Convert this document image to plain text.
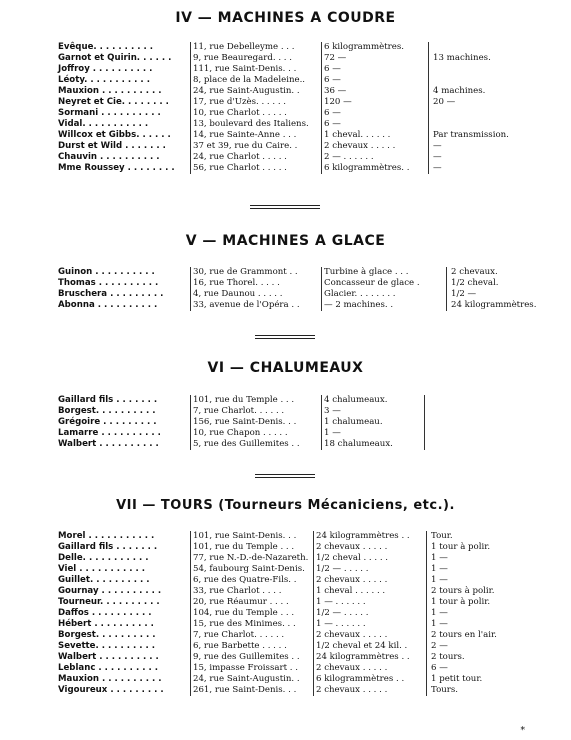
IV — MACHINES A COUDRE
Evêque. . . . . . . . . .	11, rue Debelleyme . . .	6 kilogrammètres.	
Garnot et Quirin. . . . . .	9, rue Beauregard. . . .	72 —	13 machines.
Joffroy . . . . . . . . . .	111, rue Saint-Denis. . .	6 —	
Léoty. . . . . . . . . . .	8, place de la Madeleine..	6 —	
Mauxion . . . . . . . . . .	24, rue Saint-Augustin. .	36 —	4 machines.
Neyret et Cie. . . . . . . .	17, rue d'Uzès. . . . . .	120 —	20 —
Sormani . . . . . . . . . .	10, rue Charlot . . . . .	6 —	
Vidal. . . . . . . . . . .	13, boulevard des Italiens.	6 —	
Willcox et Gibbs. . . . . .	14, rue Sainte-Anne . . .	1 cheval. . . . . .	Par transmission.
Durst et Wild . . . . . . .	37 et 39, rue du Caire. .	2 chevaux . . . . .	—
Chauvin . . . . . . . . . .	24, rue Charlot . . . . .	2 — . . . . . .	—
Mme Roussey . . . . . . . .	56, rue Charlot . . . . .	6 kilogrammètres. .	—
V — MACHINES A GLACE
Guinon . . . . . . . . . .	30, rue de Grammont . .	Turbine à glace . . .	2 chevaux.
Thomas . . . . . . . . . .	16, rue Thorel. . . . .	Concasseur de glace .	1/2 cheval.
Bruschera . . . . . . . . .	4, rue Daunou . . . . .	Glacier. . . . . . . .	1/2 —
Abonna . . . . . . . . . .	33, avenue de l'Opéra . .	— 2 machines. .	24 kilogrammètres.
VI — CHALUMEAUX
Gaillard fils . . . . . . .	101, rue du Temple . . .	4 chalumeaux.	
Borgest. . . . . . . . . .	7, rue Charlot. . . . . .	3 —	
Grégoire . . . . . . . . .	156, rue Saint-Denis. . .	1 chalumeau.	
Lamarre . . . . . . . . . .	10, rue Chapon . . . . .	1 —	
Walbert . . . . . . . . . .	5, rue des Guillemites . .	18 chalumeaux.	
VII — TOURS (Tourneurs Mécaniciens, etc.).
Morel . . . . . . . . . . .	101, rue Saint-Denis. . .	24 kilogrammètres . .	Tour.
Gaillard fils . . . . . . .	101, rue du Temple . . .	2 chevaux . . . . .	1 tour à polir.
Delle. . . . . . . . . . .	77, rue N.-D.-de-Nazareth.	1/2 cheval . . . . .	1 —
Viel . . . . . . . . . . .	54, faubourg Saint-Denis.	1/2 — . . . . .	1 —
Guillet. . . . . . . . . .	6, rue des Quatre-Fils. .	2 chevaux . . . . .	1 —
Gournay . . . . . . . . . .	33, rue Charlot . . . .	1 cheval . . . . . .	2 tours à polir.
Tourneur. . . . . . . . . .	20, rue Réaumur . . . .	1 — . . . . . .	1 tour à polir.
Daffos . . . . . . . . . .	104, rue du Temple . . .	1/2 — . . . . .	1 —
Hébert . . . . . . . . . .	15, rue des Minimes. . .	1 — . . . . . .	1 —
Borgest. . . . . . . . . .	7, rue Charlot. . . . . .	2 chevaux . . . . .	2 tours en l'air.
Sevette. . . . . . . . . .	6, rue Barbette . . . . .	1/2 cheval et 24 kil. .	2 —
Walbert . . . . . . . . . .	9, rue des Guillemites . .	24 kilogrammètres . .	2 tours.
Leblanc . . . . . . . . . .	15, impasse Froissart . .	2 chevaux . . . . .	6 —
Mauxion . . . . . . . . . .	24, rue Saint-Augustin. .	6 kilogrammètres . .	1 petit tour.
Vigoureux . . . . . . . . .	261, rue Saint-Denis. . .	2 chevaux . . . . .	Tours.
*
